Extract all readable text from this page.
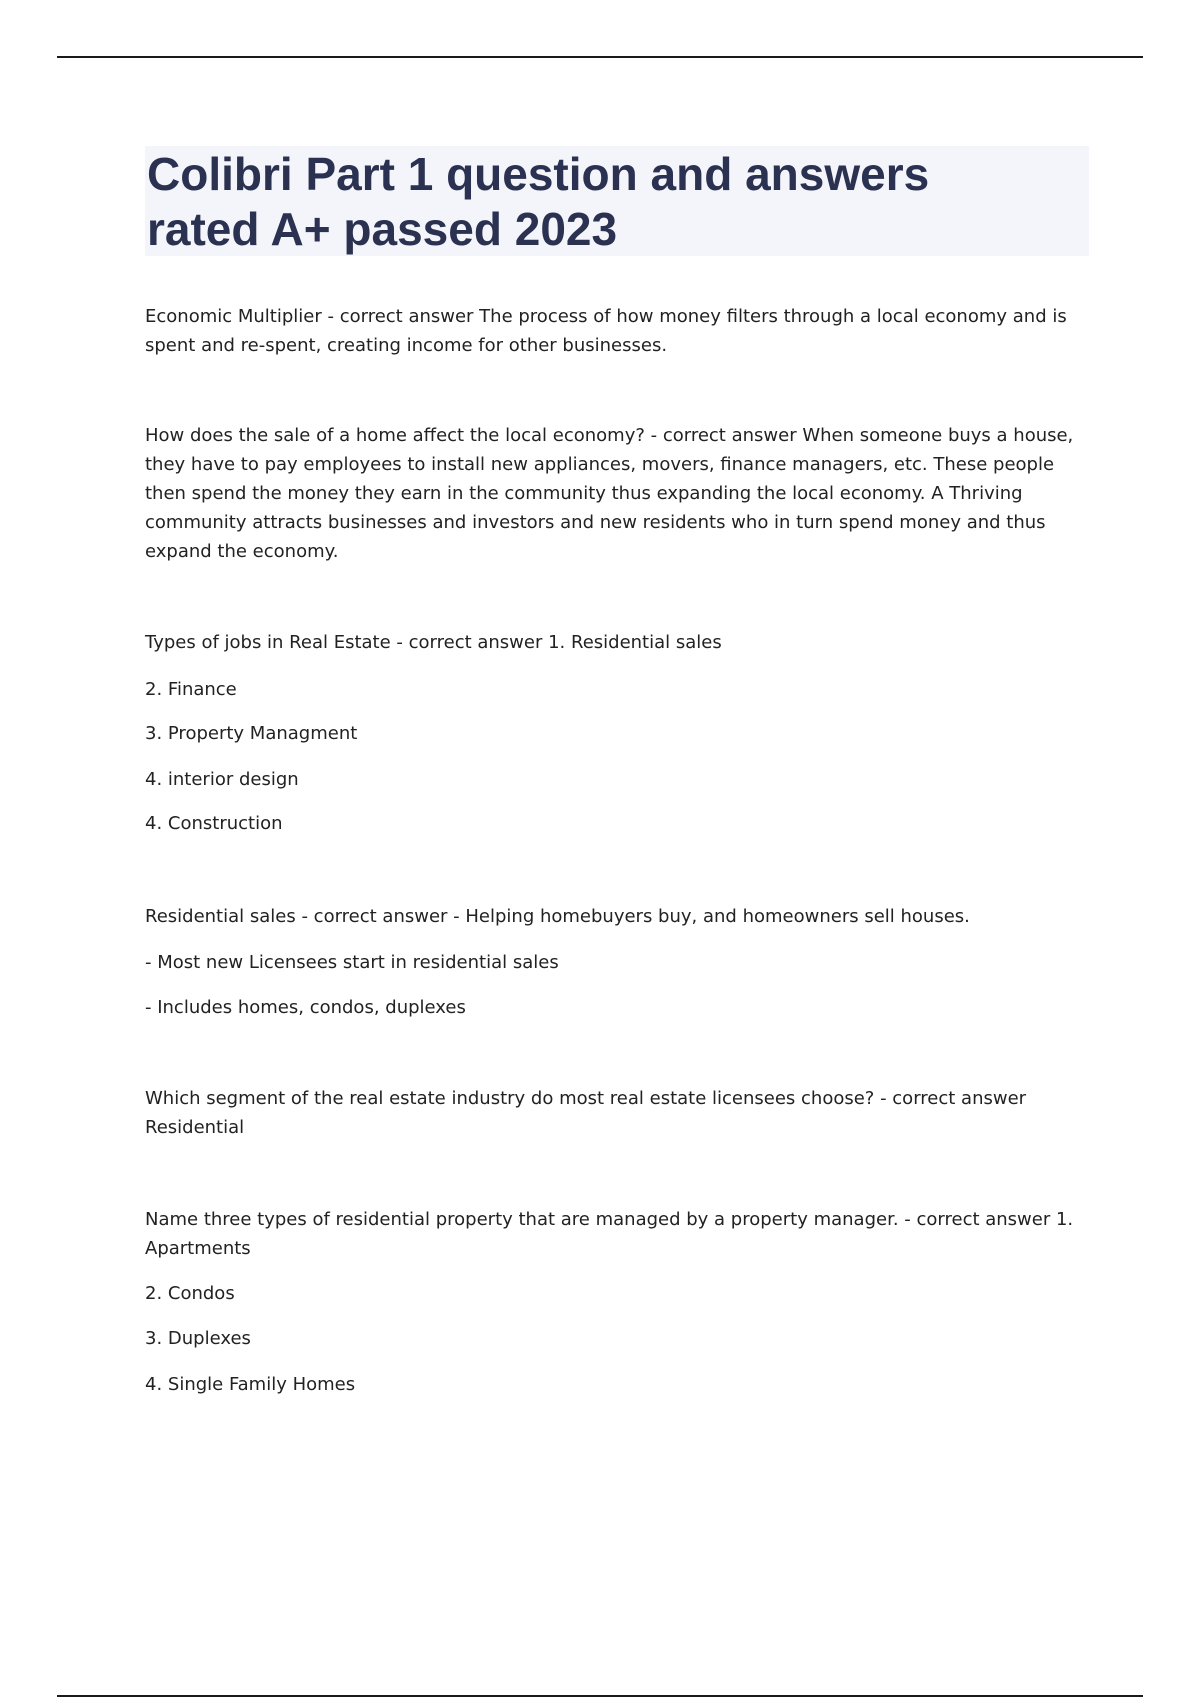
Colibri Part 1 question and answers
rated A+ passed 2023

Economic Multiplier - correct answer The process of how money filters through a local economy and is spent and re-spent, creating income for other businesses.

How does the sale of a home affect the local economy? - correct answer When someone buys a house, they have to pay employees to install new appliances, movers, finance managers, etc. These people then spend the money they earn in the community thus expanding the local economy. A Thriving community attracts businesses and investors and new residents who in turn spend money and thus expand the economy.

Types of jobs in Real Estate - correct answer 1. Residential sales

2. Finance

3. Property Managment

4. interior design

4. Construction

Residential sales - correct answer - Helping homebuyers buy, and homeowners sell houses.

- Most new Licensees start in residential sales

- Includes homes, condos, duplexes

Which segment of the real estate industry do most real estate licensees choose? - correct answer Residential

Name three types of residential property that are managed by a property manager. - correct answer 1. Apartments

2. Condos

3. Duplexes

4. Single Family Homes
